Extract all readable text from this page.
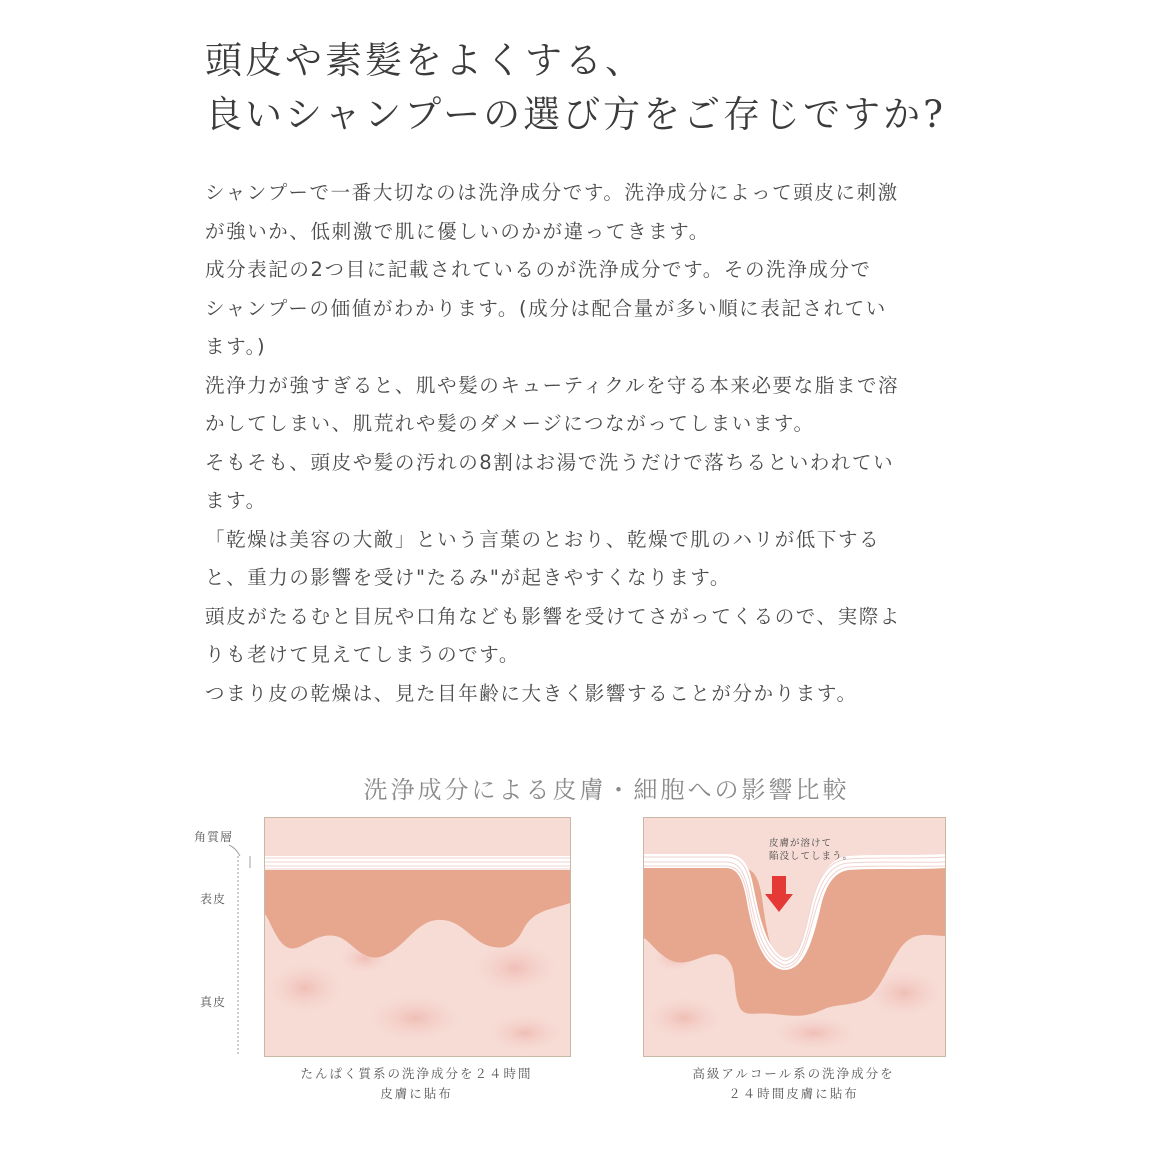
頭皮や素髪をよくする、
良いシャンプーの選び方をご存じですか?
シャンプーで一番大切なのは洗浄成分です。洗浄成分によって頭皮に刺激
が強いか、低刺激で肌に優しいのかが違ってきます。
成分表記の2つ目に記載されているのが洗浄成分です。その洗浄成分で
シャンプーの価値がわかります。(成分は配合量が多い順に表記されてい
ます。)
洗浄力が強すぎると、肌や髪のキューティクルを守る本来必要な脂まで溶
かしてしまい、肌荒れや髪のダメージにつながってしまいます。
そもそも、頭皮や髪の汚れの8割はお湯で洗うだけで落ちるといわれてい
ます。
「乾燥は美容の大敵」という言葉のとおり、乾燥で肌のハリが低下する
と、重力の影響を受け"たるみ"が起きやすくなります。
頭皮がたるむと目尻や口角なども影響を受けてさがってくるので、実際よ
りも老けて見えてしまうのです。
つまり皮の乾燥は、見た目年齢に大きく影響することが分かります。
洗浄成分による皮膚・細胞への影響比較
角質層
表皮
真皮
皮膚が溶けて
陥没してしまう。
たんぱく質系の洗浄成分を２４時間
皮膚に貼布
高級アルコール系の洗浄成分を
２４時間皮膚に貼布
